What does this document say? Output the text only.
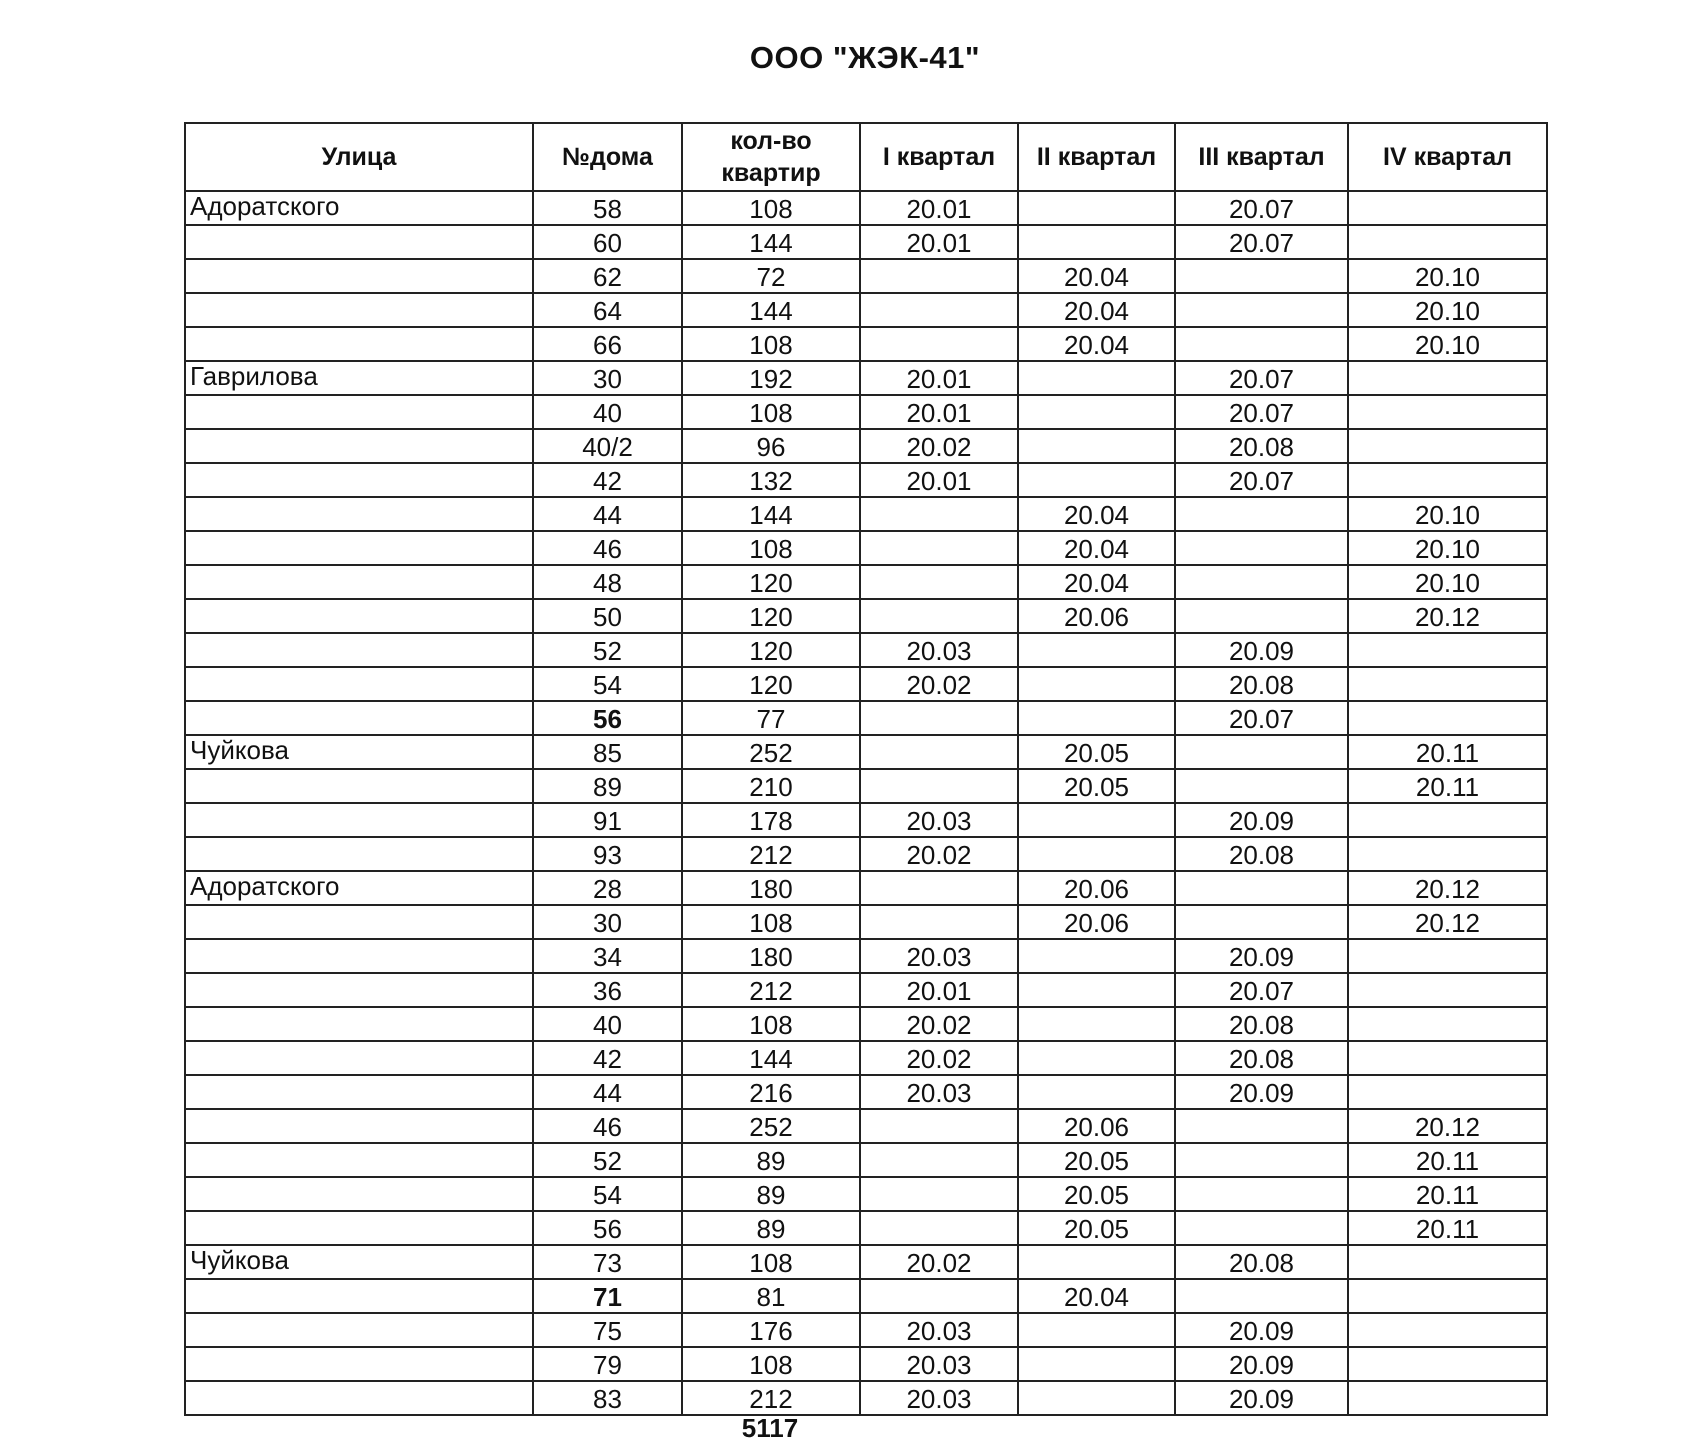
ООО "ЖЭК-41"
Улица	№дома	кол-во квартир	I квартал	II квартал	III квартал	IV квартал
Адоратского	58	108	20.01		20.07	
	60	144	20.01		20.07	
	62	72		20.04		20.10
	64	144		20.04		20.10
	66	108		20.04		20.10
Гаврилова	30	192	20.01		20.07	
	40	108	20.01		20.07	
	40/2	96	20.02		20.08	
	42	132	20.01		20.07	
	44	144		20.04		20.10
	46	108		20.04		20.10
	48	120		20.04		20.10
	50	120		20.06		20.12
	52	120	20.03		20.09	
	54	120	20.02		20.08	
	56	77			20.07	
Чуйкова	85	252		20.05		20.11
	89	210		20.05		20.11
	91	178	20.03		20.09	
	93	212	20.02		20.08	
Адоратского	28	180		20.06		20.12
	30	108		20.06		20.12
	34	180	20.03		20.09	
	36	212	20.01		20.07	
	40	108	20.02		20.08	
	42	144	20.02		20.08	
	44	216	20.03		20.09	
	46	252		20.06		20.12
	52	89		20.05		20.11
	54	89		20.05		20.11
	56	89		20.05		20.11
Чуйкова	73	108	20.02		20.08	
	71	81		20.04		
	75	176	20.03		20.09	
	79	108	20.03		20.09	
	83	212	20.03		20.09	
5117
